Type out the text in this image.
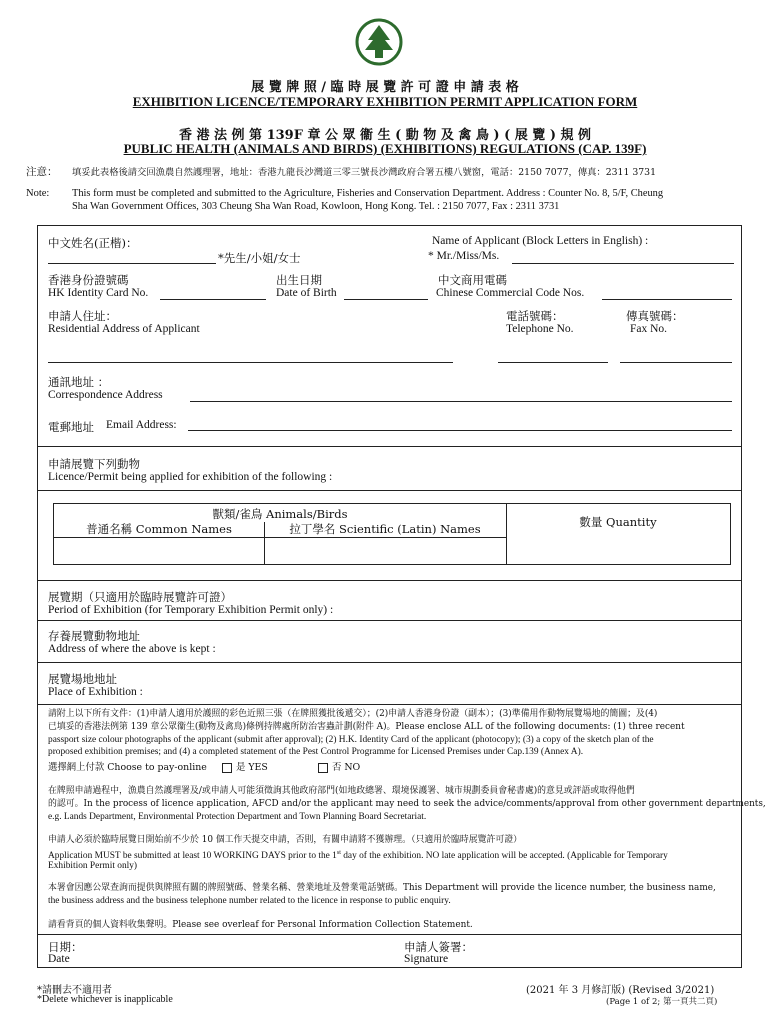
展 覽 牌 照 / 臨 時 展 覽 許 可 證 申 請 表 格
EXHIBITION LICENCE/TEMPORARY EXHIBITION PERMIT APPLICATION FORM
香 港 法 例 第 139F 章 公 眾 衞 生 ( 動 物 及 禽 鳥 ) ( 展 覽 ) 規 例
PUBLIC HEALTH (ANIMALS AND BIRDS) (EXHIBITIONS) REGULATIONS (CAP. 139F)
注意： 填妥此表格後請交回漁農自然護理署，地址：香港九龍長沙灣道三零三號長沙灣政府合署五樓八號窗，電話：2150 7077，傳真：2311 3731
Note: This form must be completed and submitted to the Agriculture, Fisheries and Conservation Department. Address : Counter No. 8, 5/F, Cheung
Sha Wan Government Offices, 303 Cheung Sha Wan Road, Kowloon, Hong Kong. Tel. : 2150 7077, Fax : 2311 3731
中文姓名(正楷)：
*先生/小姐/女士
Name of Applicant (Block Letters in English) :
* Mr./Miss/Ms.
香港身份證號碼
HK Identity Card No.
出生日期
Date of Birth
中文商用電碼
Chinese Commercial Code Nos.
申請人住址：
Residential Address of Applicant
電話號碼：
Telephone No.
傳真號碼：
Fax No.
通訊地址 ：
Correspondence Address
電郵地址 Email Address:
申請展覽下列動物
Licence/Permit being applied for exhibition of the following :
獸類/雀鳥 Animals/Birds
普通名稱 Common Names	拉丁學名 Scientific (Latin) Names	數量 Quantity
展覽期（只適用於臨時展覽許可證）
Period of Exhibition (for Temporary Exhibition Permit only) :
存養展覽動物地址
Address of where the above is kept :
展覽場地地址
Place of Exhibition :
請附上以下所有文件：(1)申請人適用於護照的彩色近照三張（在牌照獲批後遞交）；(2)申請人香港身份證（副本）；(3)準備用作動物展覽場地的簡圖；及(4)
已填妥的香港法例第 139 章公眾衞生(動物及禽鳥)條例持牌處所防治害蟲計劃(附件 A)。Please enclose ALL of the following documents: (1) three recent
passport size colour photographs of the applicant (submit after approval); (2) H.K. Identity Card of the applicant (photocopy); (3) a copy of the sketch plan of the
proposed exhibition premises; and (4) a completed statement of the Pest Control Programme for Licensed Premises under Cap.139 (Annex A).
選擇網上付款 Choose to pay-online	是 YES	否 NO
在牌照申請過程中，漁農自然護理署及/或申請人可能須徵詢其他政府部門(如地政總署、環境保護署、城市規劃委員會秘書處)的意見或評語或取得他們
的認可。In the process of licence application, AFCD and/or the applicant may need to seek the advice/comments/approval from other government departments,
e.g. Lands Department, Environmental Protection Department and Town Planning Board Secretariat.
申請人必須於臨時展覽日開始前不少於 10 個工作天提交申請，否則，有關申請將不獲辦理。（只適用於臨時展覽許可證）
Application MUST be submitted at least 10 WORKING DAYS prior to the 1st day of the exhibition. NO late application will be accepted. (Applicable for Temporary
Exhibition Permit only)
本署會因應公眾查詢而提供與牌照有關的牌照號碼、營業名稱、營業地址及營業電話號碼。This Department will provide the licence number, the business name,
the business address and the business telephone number related to the licence in response to public enquiry.
請看背頁的個人資料收集聲明。Please see overleaf for Personal Information Collection Statement.
日期：
Date
申請人簽署：
Signature
*請刪去不適用者
*Delete whichever is inapplicable
(2021 年 3 月修訂版) (Revised 3/2021)
(Page 1 of 2; 第一頁共二頁)
